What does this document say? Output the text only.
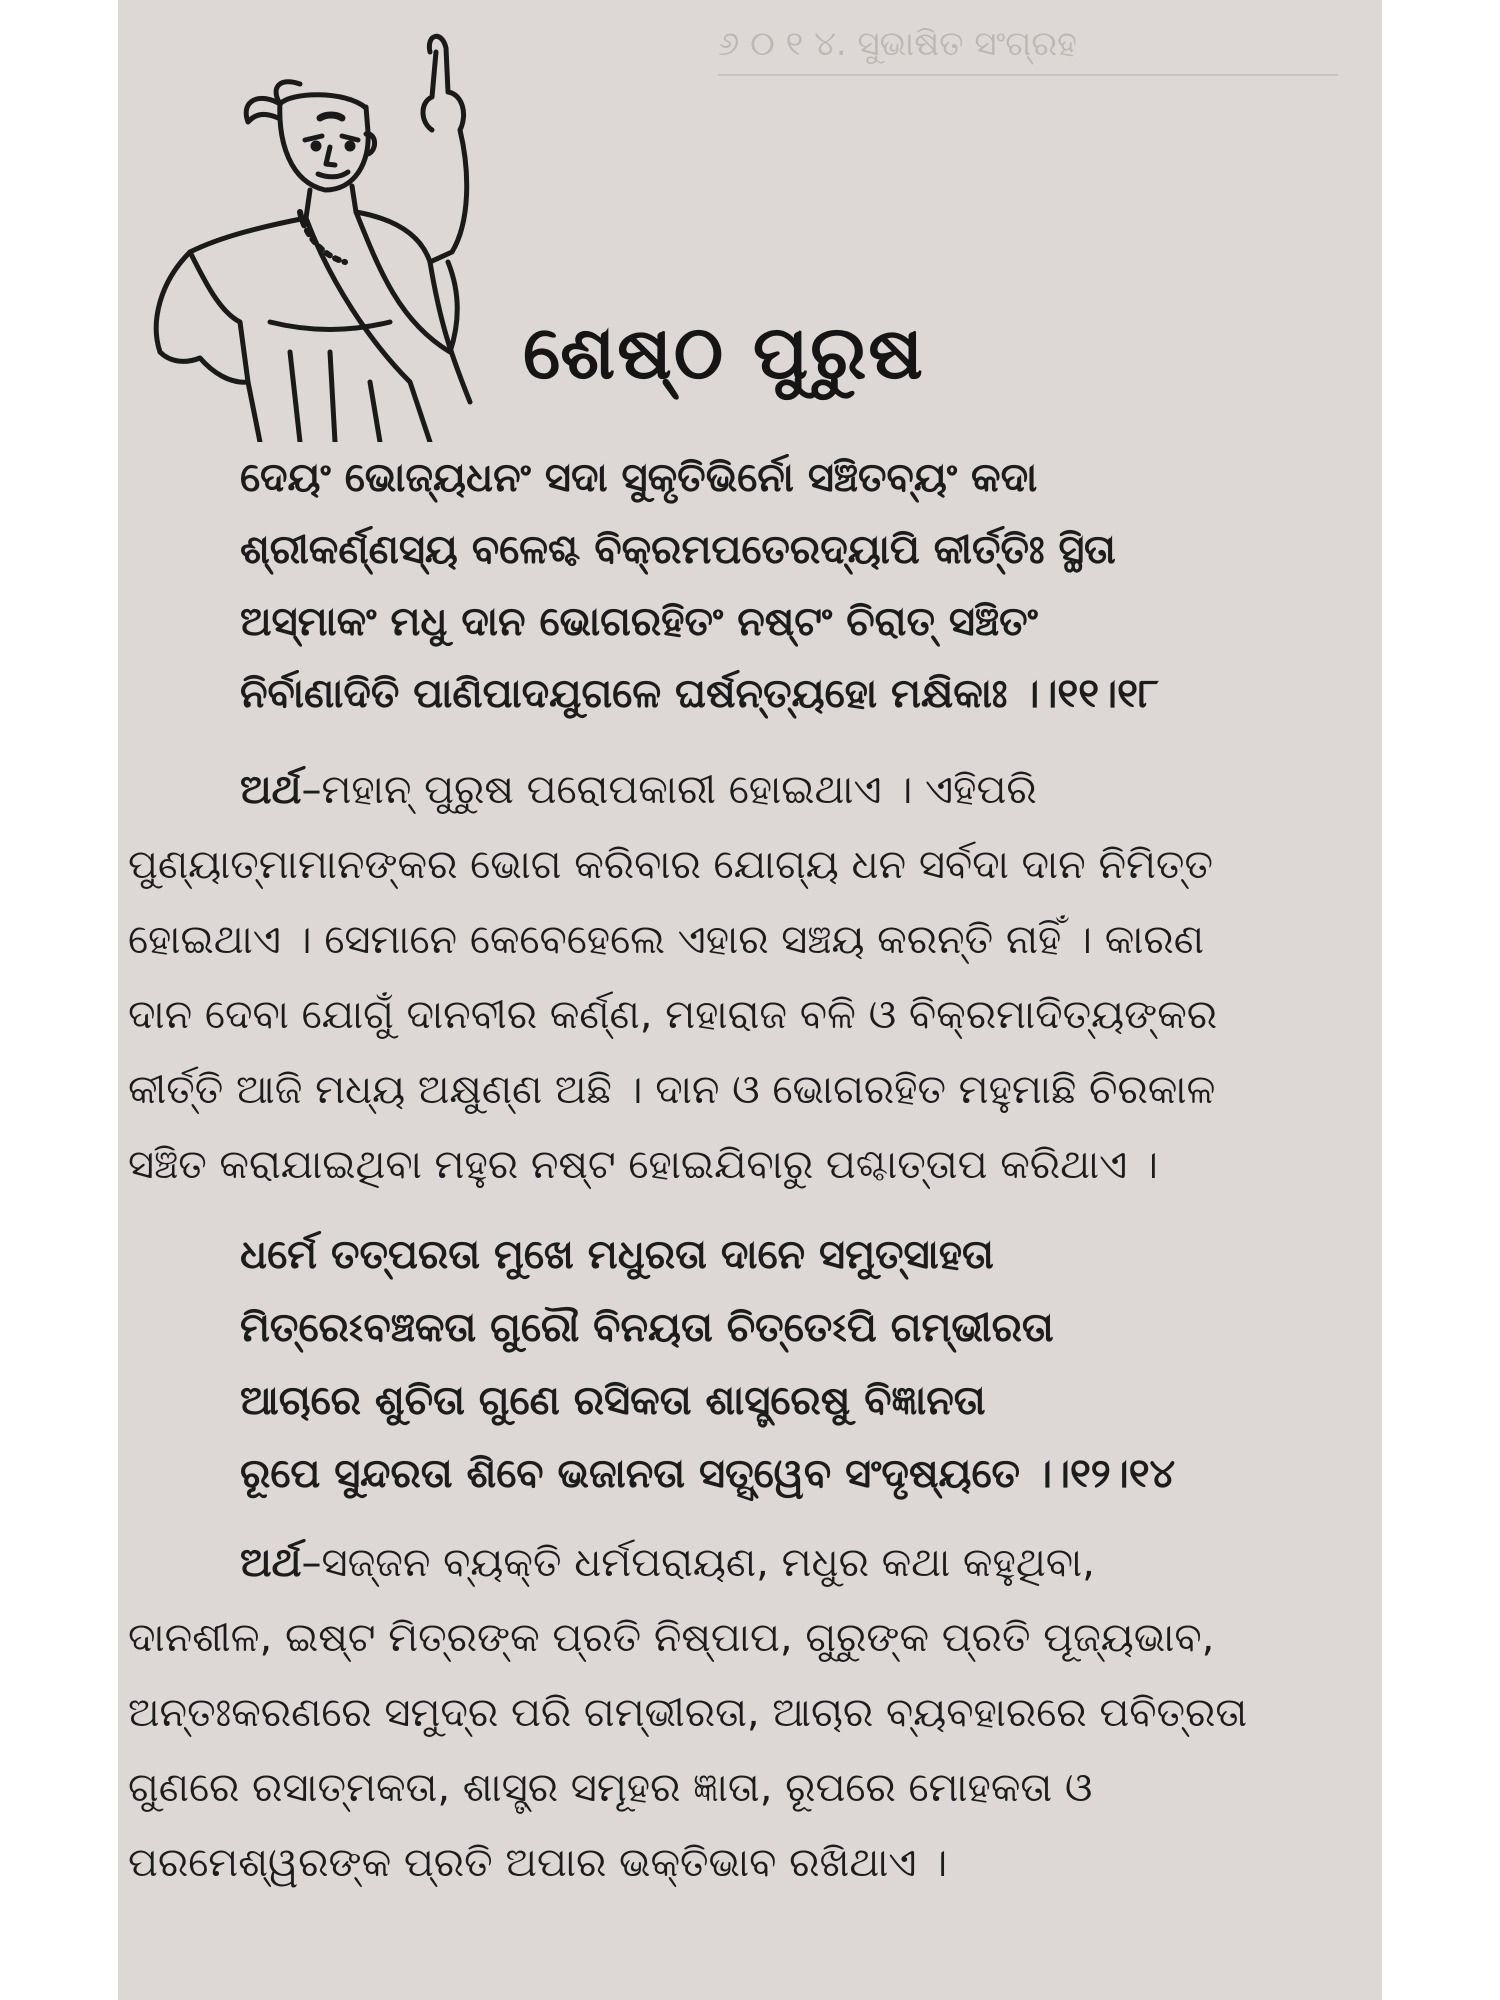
୬ ୦ ୧ ୪. ସୁଭାଷିତ ସଂଗ୍ରହ
ଶେଷ୍ଠ ପୁରୁଷ
ଦେୟଂ ଭୋଜ୍ୟଧନଂ ସଦା ସୁକୃତିଭିର୍ନୋ ସଞ୍ଚିତବ୍ୟଂ କଦା
ଶ୍ରୀକର୍ଣ୍ଣସ୍ୟ ବଳେଶ୍ଚ ବିକ୍ରମପତେରଦ୍ୟାପି କୀର୍ତ୍ତିଃ ସ୍ଥିତା
ଅସ୍ମାକଂ ମଧୁ ଦାନ ଭୋଗରହିତଂ ନଷ୍ଟଂ ଚିରାତ୍ ସଞ୍ଚିତଂ
ନିର୍ବାଣାଦିତି ପାଣିପାଦଯୁଗଳେ ଘର୍ଷନ୍ତ୍ୟହୋ ମକ୍ଷିକାଃ ।।୧୧।୧୮
ଅର୍ଥ–ମହାନ୍ ପୁରୁଷ ପରୋପକାରୀ ହୋଇଥାଏ । ଏହିପରି
ପୁଣ୍ୟାତ୍ମାମାନଙ୍କର ଭୋଗ କରିବାର ଯୋଗ୍ୟ ଧନ ସର୍ବଦା ଦାନ ନିମିତ୍ତ
ହୋଇଥାଏ । ସେମାନେ କେବେହେଲେ ଏହାର ସଞ୍ଚୟ କରନ୍ତି ନାହିଁ । କାରଣ
ଦାନ ଦେବା ଯୋଗୁଁ ଦାନବୀର କର୍ଣ୍ଣ, ମହାରାଜ ବଳି ଓ ବିକ୍ରମାଦିତ୍ୟଙ୍କର
କୀର୍ତ୍ତି ଆଜି ମଧ୍ୟ ଅକ୍ଷୁଣ୍ଣ ଅଛି । ଦାନ ଓ ଭୋଗରହିତ ମହୁମାଛି ଚିରକାଳ
ସଞ୍ଚିତ କରାଯାଇଥିବା ମହୁର ନଷ୍ଟ ହୋଇଯିବାରୁ ପଶ୍ଚାତ୍ତାପ କରିଥାଏ ।
ଧର୍ମେ ତତ୍ପରତା ମୁଖେ ମଧୁରତା ଦାନେ ସମୁତ୍ସାହତା
ମିତ୍ରେଽବଞ୍ଚକତା ଗୁରୌ ବିନୟତା ଚିତ୍ତେଽପି ଗମ୍ଭୀରତା
ଆଚାରେ ଶୁଚିତା ଗୁଣେ ରସିକତା ଶାସ୍ତ୍ରେଷୁ ବିଜ୍ଞାନତା
ରୂପେ ସୁନ୍ଦରତା ଶିବେ ଭଜାନତା ସତ୍ସ୍ୱେବ ସଂଦୃଷ୍ୟତେ ।।୧୨।୧୪
ଅର୍ଥ–ସଜ୍ଜନ ବ୍ୟକ୍ତି ଧର୍ମପରାୟଣ, ମଧୁର କଥା କହୁଥିବା,
ଦାନଶୀଳ, ଇଷ୍ଟ ମିତ୍ରଙ୍କ ପ୍ରତି ନିଷ୍ପାପ, ଗୁରୁଙ୍କ ପ୍ରତି ପୂଜ୍ୟଭାବ,
ଅନ୍ତଃକରଣରେ ସମୁଦ୍ର ପରି ଗମ୍ଭୀରତା, ଆଚାର ବ୍ୟବହାରରେ ପବିତ୍ରତା
ଗୁଣରେ ରସାତ୍ମକତା, ଶାସ୍ତ୍ର ସମୂହର ଜ୍ଞାତା, ରୂପରେ ମୋହକତା ଓ
ପରମେଶ୍ୱରଙ୍କ ପ୍ରତି ଅପାର ଭକ୍ତିଭାବ ରଖିଥାଏ ।
